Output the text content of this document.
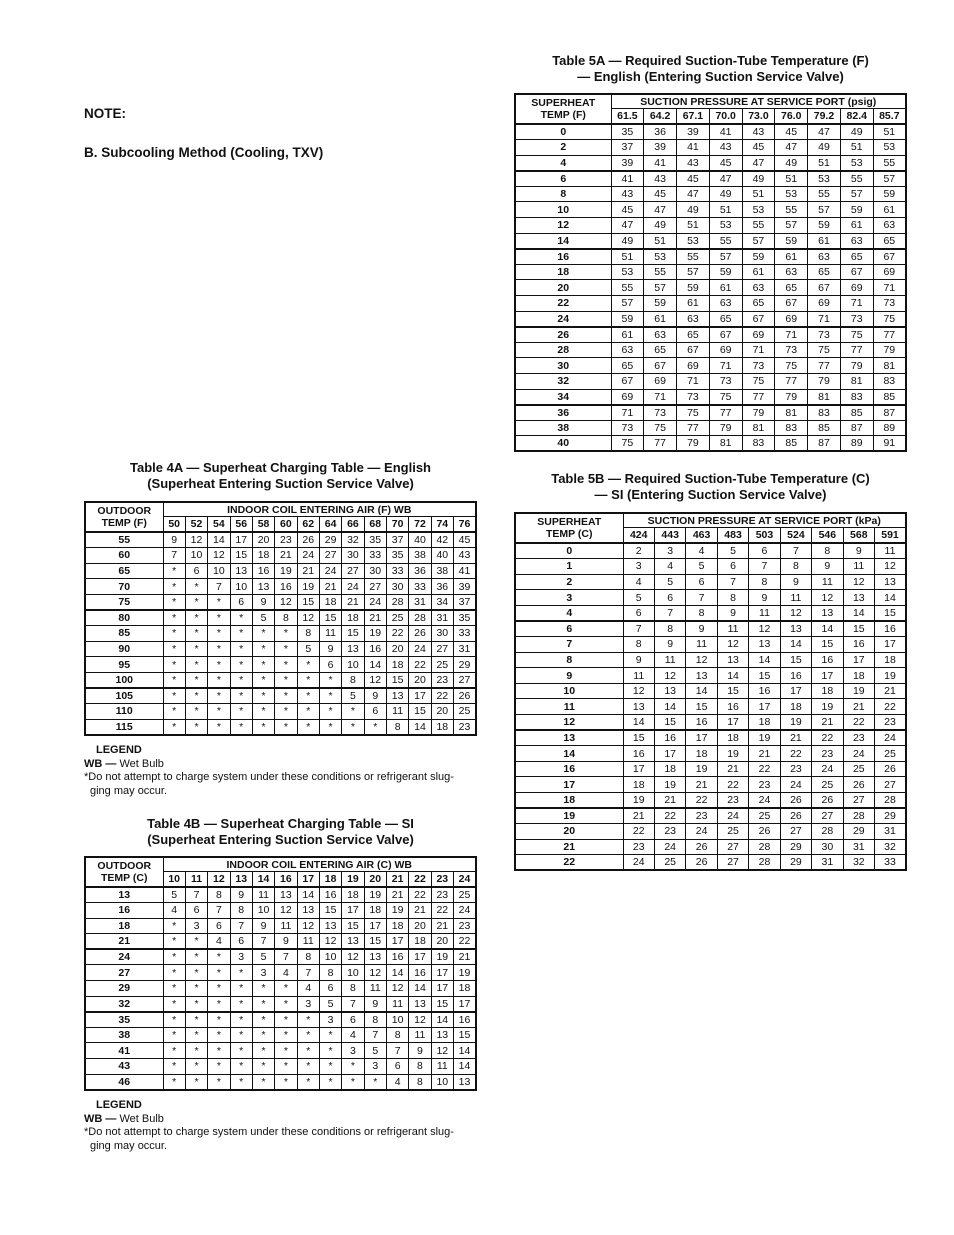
NOTE:
B. Subcooling Method (Cooling, TXV)
Table 4A — Superheat Charging Table — English
(Superheat Entering Suction Service Valve)
OUTDOOR
TEMP (F)	INDOOR COIL ENTERING AIR (F) WB													
	50	52	54	56	58	60	62	64	66	68	70	72	74	76
55	9	12	14	17	20	23	26	29	32	35	37	40	42	45
60	7	10	12	15	18	21	24	27	30	33	35	38	40	43
65	*	6	10	13	16	19	21	24	27	30	33	36	38	41
70	*	*	7	10	13	16	19	21	24	27	30	33	36	39
75	*	*	*	6	9	12	15	18	21	24	28	31	34	37
80	*	*	*	*	5	8	12	15	18	21	25	28	31	35
85	*	*	*	*	*	*	8	11	15	19	22	26	30	33
90	*	*	*	*	*	*	5	9	13	16	20	24	27	31
95	*	*	*	*	*	*	*	6	10	14	18	22	25	29
100	*	*	*	*	*	*	*	*	8	12	15	20	23	27
105	*	*	*	*	*	*	*	*	5	9	13	17	22	26
110	*	*	*	*	*	*	*	*	*	6	11	15	20	25
115	*	*	*	*	*	*	*	*	*	*	8	14	18	23
LEGEND
WB — Wet Bulb
*Do not attempt to charge system under these conditions or refrigerant slug-
ging may occur.
Table 4B — Superheat Charging Table — SI
(Superheat Entering Suction Service Valve)
OUTDOOR
TEMP (C)	INDOOR COIL ENTERING AIR (C) WB													
	10	11	12	13	14	16	17	18	19	20	21	22	23	24
13	5	7	8	9	11	13	14	16	18	19	21	22	23	25
16	4	6	7	8	10	12	13	15	17	18	19	21	22	24
18	*	3	6	7	9	11	12	13	15	17	18	20	21	23
21	*	*	4	6	7	9	11	12	13	15	17	18	20	22
24	*	*	*	3	5	7	8	10	12	13	16	17	19	21
27	*	*	*	*	3	4	7	8	10	12	14	16	17	19
29	*	*	*	*	*	*	4	6	8	11	12	14	17	18
32	*	*	*	*	*	*	3	5	7	9	11	13	15	17
35	*	*	*	*	*	*	*	3	6	8	10	12	14	16
38	*	*	*	*	*	*	*	*	4	7	8	11	13	15
41	*	*	*	*	*	*	*	*	3	5	7	9	12	14
43	*	*	*	*	*	*	*	*	*	3	6	8	11	14
46	*	*	*	*	*	*	*	*	*	*	4	8	10	13
LEGEND
WB — Wet Bulb
*Do not attempt to charge system under these conditions or refrigerant slug-
ging may occur.
Table 5A — Required Suction-Tube Temperature (F)
— English (Entering Suction Service Valve)
SUPERHEAT
TEMP (F)	SUCTION PRESSURE AT SERVICE PORT (psig)								
	61.5	64.2	67.1	70.0	73.0	76.0	79.2	82.4	85.7
0	35	36	39	41	43	45	47	49	51
2	37	39	41	43	45	47	49	51	53
4	39	41	43	45	47	49	51	53	55
6	41	43	45	47	49	51	53	55	57
8	43	45	47	49	51	53	55	57	59
10	45	47	49	51	53	55	57	59	61
12	47	49	51	53	55	57	59	61	63
14	49	51	53	55	57	59	61	63	65
16	51	53	55	57	59	61	63	65	67
18	53	55	57	59	61	63	65	67	69
20	55	57	59	61	63	65	67	69	71
22	57	59	61	63	65	67	69	71	73
24	59	61	63	65	67	69	71	73	75
26	61	63	65	67	69	71	73	75	77
28	63	65	67	69	71	73	75	77	79
30	65	67	69	71	73	75	77	79	81
32	67	69	71	73	75	77	79	81	83
34	69	71	73	75	77	79	81	83	85
36	71	73	75	77	79	81	83	85	87
38	73	75	77	79	81	83	85	87	89
40	75	77	79	81	83	85	87	89	91
Table 5B — Required Suction-Tube Temperature (C)
— SI (Entering Suction Service Valve)
SUPERHEAT
TEMP (C)	SUCTION PRESSURE AT SERVICE PORT (kPa)								
	424	443	463	483	503	524	546	568	591
0	2	3	4	5	6	7	8	9	11
1	3	4	5	6	7	8	9	11	12
2	4	5	6	7	8	9	11	12	13
3	5	6	7	8	9	11	12	13	14
4	6	7	8	9	11	12	13	14	15
6	7	8	9	11	12	13	14	15	16
7	8	9	11	12	13	14	15	16	17
8	9	11	12	13	14	15	16	17	18
9	11	12	13	14	15	16	17	18	19
10	12	13	14	15	16	17	18	19	21
11	13	14	15	16	17	18	19	21	22
12	14	15	16	17	18	19	21	22	23
13	15	16	17	18	19	21	22	23	24
14	16	17	18	19	21	22	23	24	25
16	17	18	19	21	22	23	24	25	26
17	18	19	21	22	23	24	25	26	27
18	19	21	22	23	24	26	26	27	28
19	21	22	23	24	25	26	27	28	29
20	22	23	24	25	26	27	28	29	31
21	23	24	26	27	28	29	30	31	32
22	24	25	26	27	28	29	31	32	33
